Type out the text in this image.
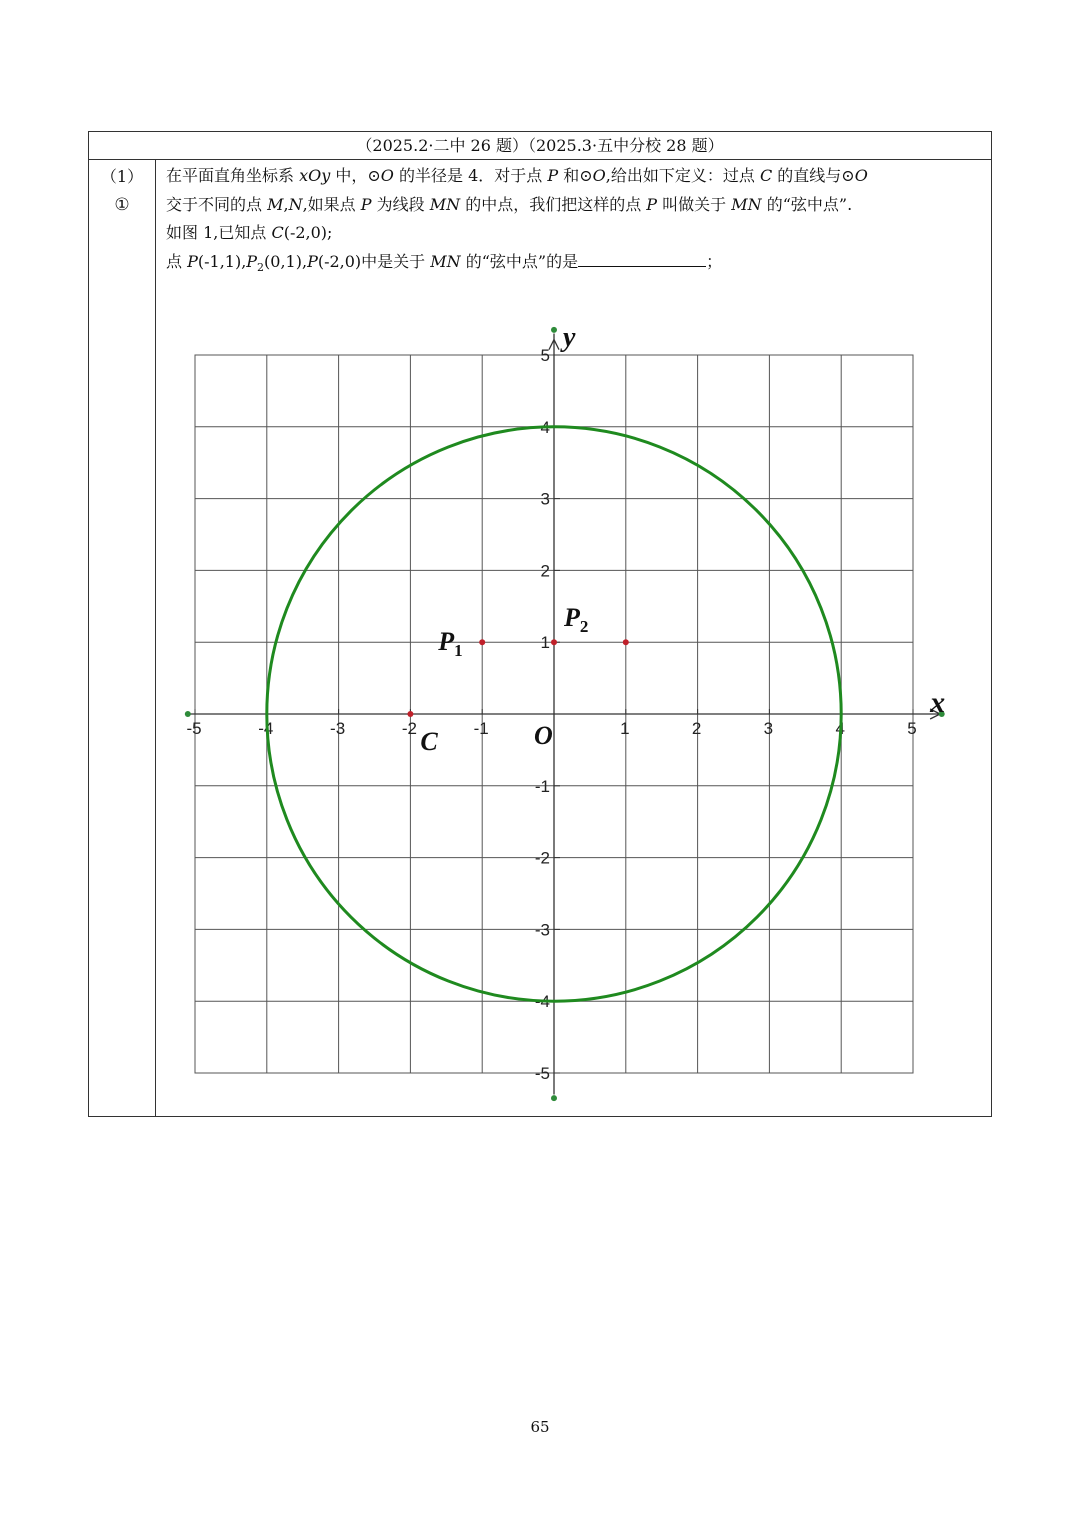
（2025.2·二中 26 题）（2025.3·五中分校 28 题）
（1）
①

在平面直角坐标系 xOy 中，⊙O 的半径是 4．对于点 P 和⊙O,给出如下定义：过点 C 的直线与⊙O

交于不同的点 M,N,如果点 P 为线段 MN 的中点，我们把这样的点 P 叫做关于 MN 的“弦中点”.

如图 1,已知点 C(-2,0);

点 $P(-1,1),P_2(0,1),P(-2,0)$中是关于 MN 的“弦中点”的是	；

-5	-4	-3	-2	-1	1	2	3	4	5
5
4
3
2
1
-1
-2
-3
-4
-5
x
y
O
C
$P_1$
$P_2$
65
